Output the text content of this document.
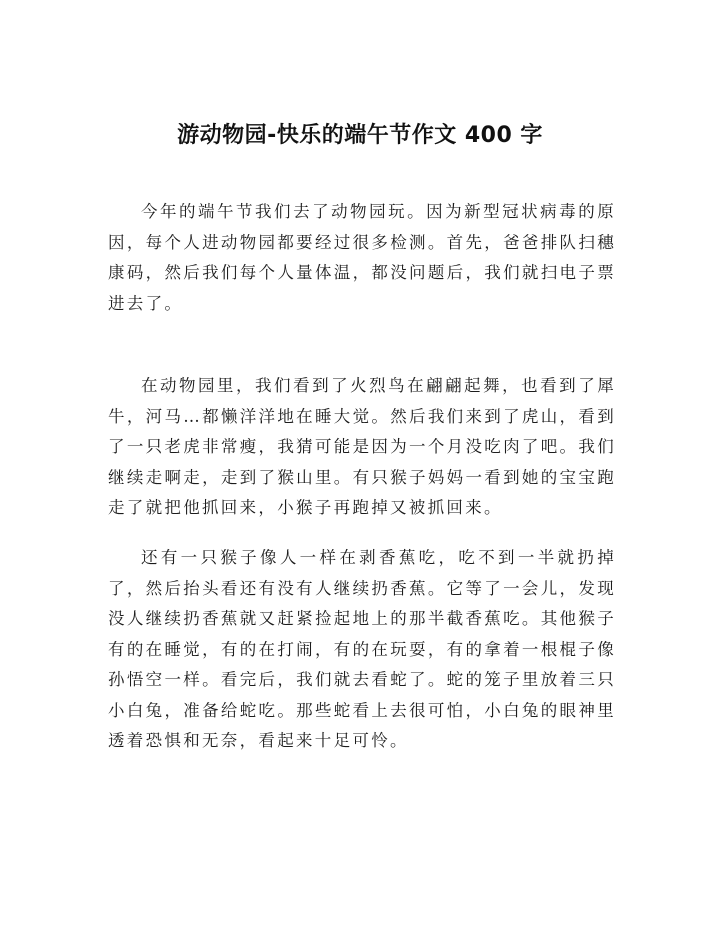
游动物园-快乐的端午节作文 400 字

今年的端午节我们去了动物园玩。因为新型冠状病毒的原因，每个人进动物园都要经过很多检测。首先，爸爸排队扫穗康码，然后我们每个人量体温，都没问题后，我们就扫电子票进去了。

在动物园里，我们看到了火烈鸟在翩翩起舞，也看到了犀牛，河马…都懒洋洋地在睡大觉。然后我们来到了虎山，看到了一只老虎非常瘦，我猜可能是因为一个月没吃肉了吧。我们继续走啊走，走到了猴山里。有只猴子妈妈一看到她的宝宝跑走了就把他抓回来，小猴子再跑掉又被抓回来。

还有一只猴子像人一样在剥香蕉吃，吃不到一半就扔掉了，然后抬头看还有没有人继续扔香蕉。它等了一会儿，发现没人继续扔香蕉就又赶紧捡起地上的那半截香蕉吃。其他猴子有的在睡觉，有的在打闹，有的在玩耍，有的拿着一根棍子像孙悟空一样。看完后，我们就去看蛇了。蛇的笼子里放着三只小白兔，准备给蛇吃。那些蛇看上去很可怕，小白兔的眼神里透着恐惧和无奈，看起来十足可怜。
